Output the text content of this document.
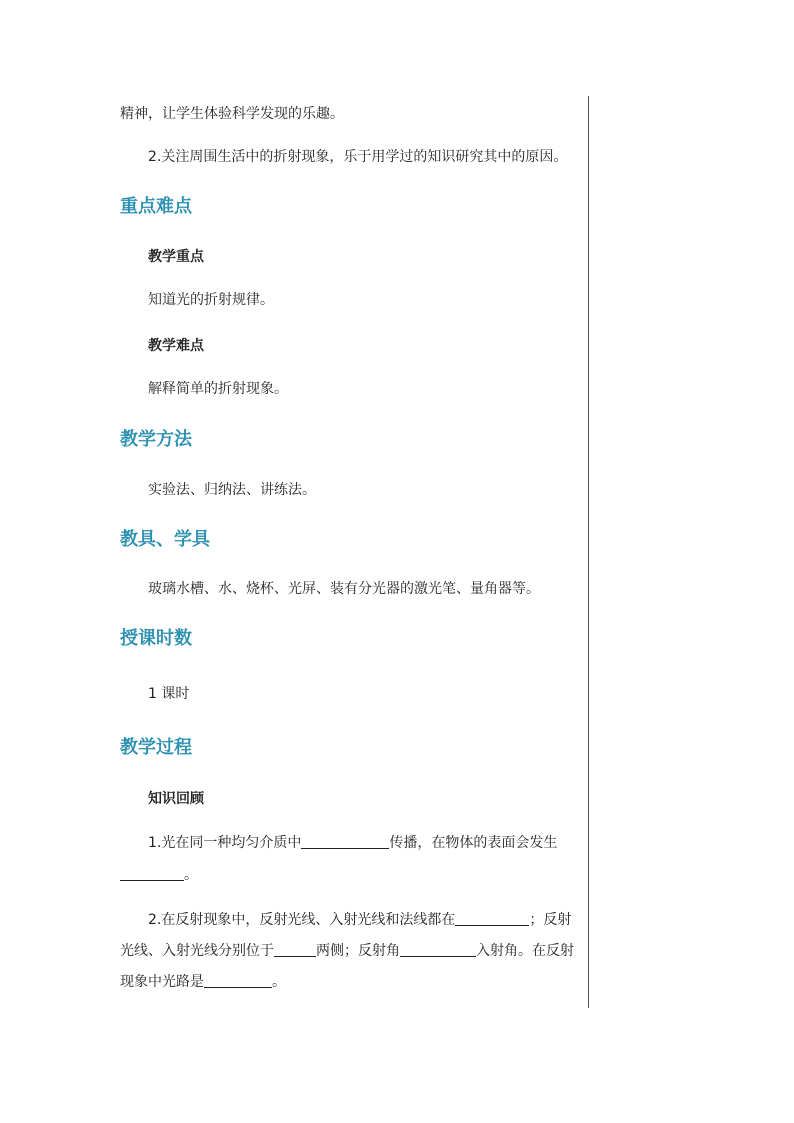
精神，让学生体验科学发现的乐趣。
2.关注周围生活中的折射现象，乐于用学过的知识研究其中的原因。
重点难点
教学重点
知道光的折射规律。
教学难点
解释简单的折射现象。
教学方法
实验法、归纳法、讲练法。
教具、学具
玻璃水槽、水、烧杯、光屏、装有分光器的激光笔、量角器等。
授课时数
1 课时
教学过程
知识回顾
1.光在同一种均匀介质中	传播，在物体的表面会发生
。
2.在反射现象中，反射光线、入射光线和法线都在	；反射
光线、入射光线分别位于	两侧；反射角	入射角。在反射
现象中光路是	。
